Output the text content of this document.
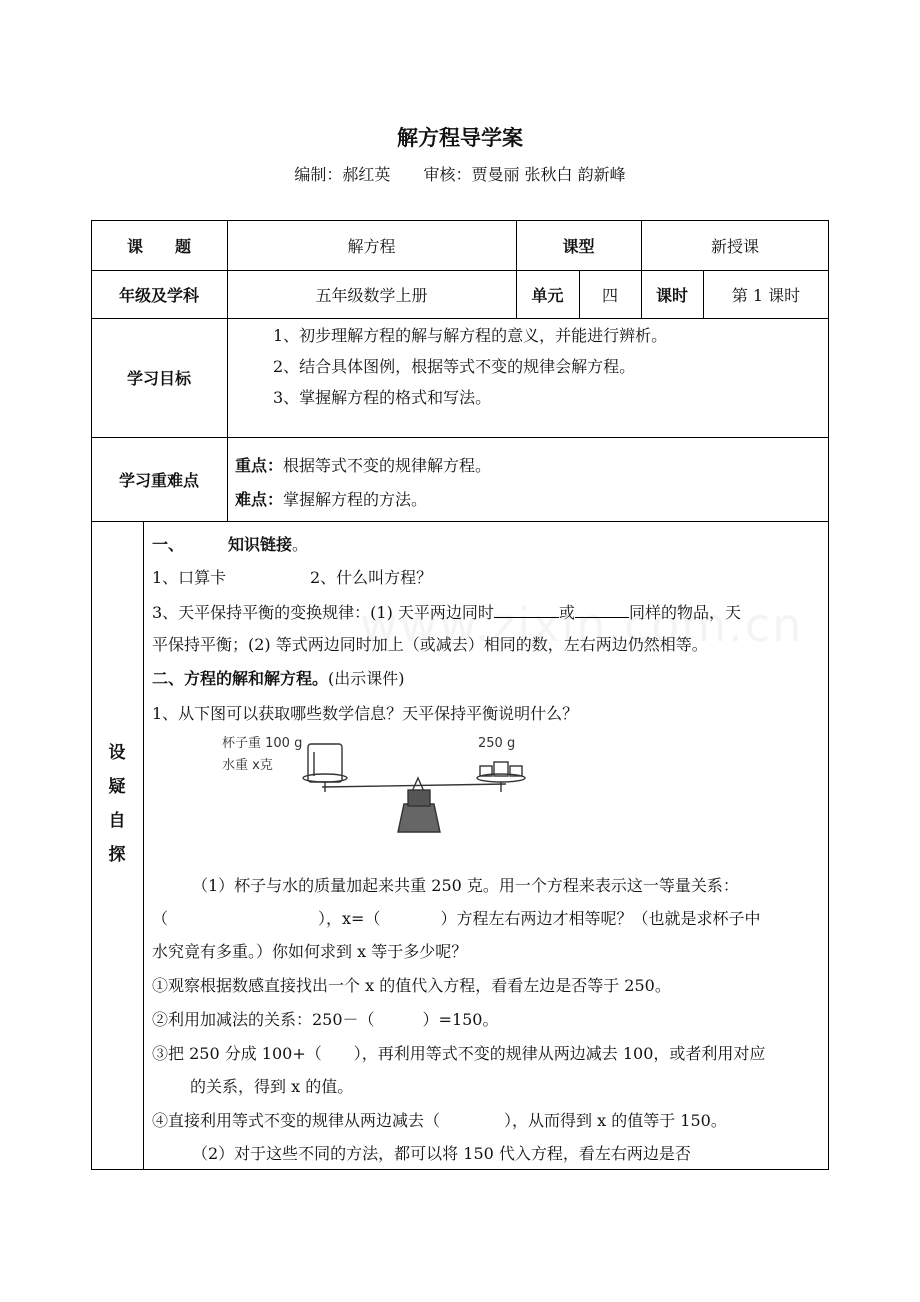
解方程导学案
编制：郝红英 审核：贾曼丽 张秋白 韵新峰
课　　题	解方程	课型	新授课
年级及学科	五年级数学上册	单元	四	课时	第 1 课时
学习目标
1、初步理解方程的解与解方程的意义，并能进行辨析。
2、结合具体图例，根据等式不变的规律会解方程。
3、掌握解方程的格式和写法。
学习重难点
重点：根据等式不变的规律解方程。
难点：掌握解方程的方法。
设
疑
自
探
一、	知识链接。
1、口算卡	2、什么叫方程？
3、天平保持平衡的变换规律：(1) 天平两边同时	或	同样的物品，天
平保持平衡；(2) 等式两边同时加上（或减去）相同的数，左右两边仍然相等。
二、方程的解和解方程。(出示课件)
1、从下图可以获取哪些数学信息？天平保持平衡说明什么？
杯子重 100 g
水重 x克
250 g
（1）杯子与水的质量加起来共重 250 克。用一个方程来表示这一等量关系：
（	），x=（	）方程左右两边才相等呢？（也就是求杯子中
水究竟有多重。）你如何求到 x 等于多少呢？
①观察根据数感直接找出一个 x 的值代入方程，看看左边是否等于 250。
②利用加减法的关系：250－（　　　）=150。
③把 250 分成 100+（　　），再利用等式不变的规律从两边减去 100，或者利用对应
的关系，得到 x 的值。
④直接利用等式不变的规律从两边减去（　　　　），从而得到 x 的值等于 150。
（2）对于这些不同的方法，都可以将 150 代入方程，看左右两边是否
